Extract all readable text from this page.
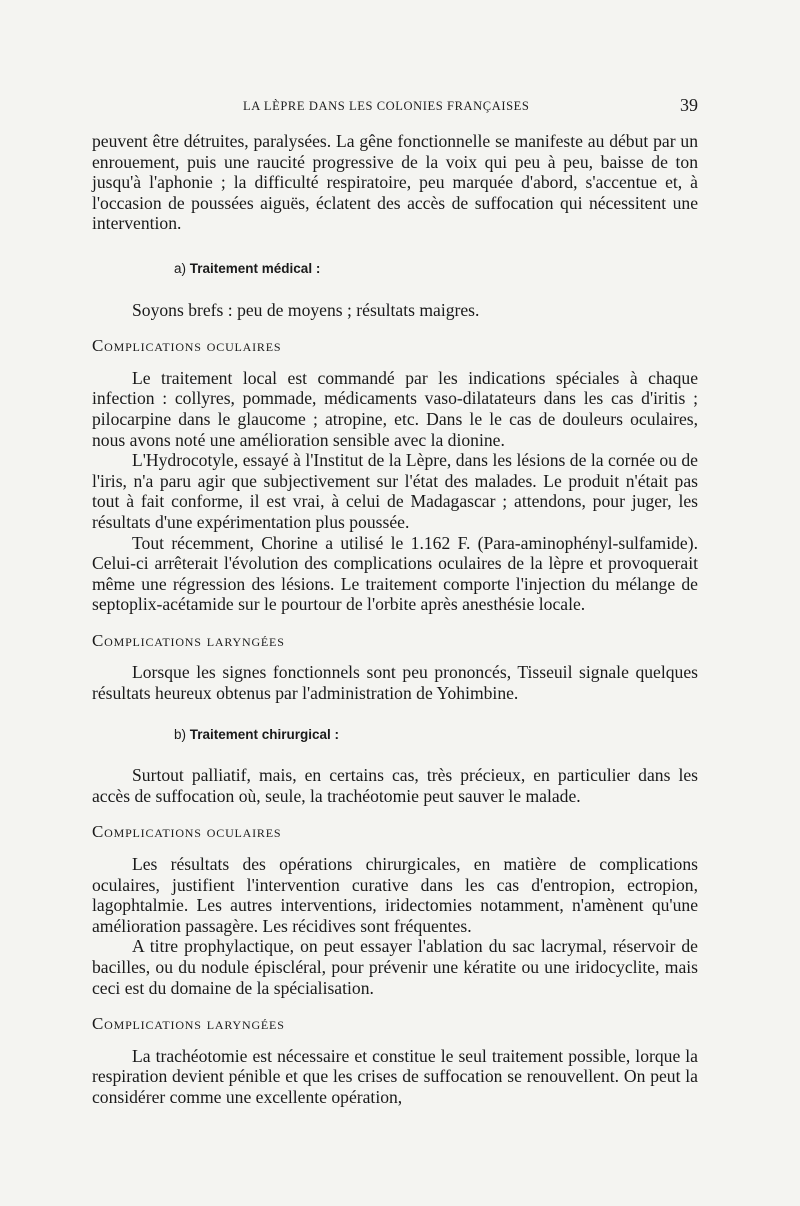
LA LÈPRE DANS LES COLONIES FRANÇAISES	39

peuvent être détruites, paralysées. La gêne fonctionnelle se manifeste au début par un enrouement, puis une raucité progressive de la voix qui peu à peu, baisse de ton jusqu'à l'aphonie ; la difficulté respiratoire, peu marquée d'abord, s'accentue et, à l'occasion de poussées aiguës, éclatent des accès de suffocation qui nécessitent une intervention.

a) Traitement médical :

Soyons brefs : peu de moyens ; résultats maigres.

Complications oculaires

Le traitement local est commandé par les indications spéciales à chaque infection : collyres, pommade, médicaments vaso-dilatateurs dans les cas d'iritis ; pilocarpine dans le glaucome ; atropine, etc. Dans le le cas de douleurs oculaires, nous avons noté une amélioration sensible avec la dionine.

L'Hydrocotyle, essayé à l'Institut de la Lèpre, dans les lésions de la cornée ou de l'iris, n'a paru agir que subjectivement sur l'état des malades. Le produit n'était pas tout à fait conforme, il est vrai, à celui de Madagascar ; attendons, pour juger, les résultats d'une expérimentation plus poussée.

Tout récemment, Chorine a utilisé le 1.162 F. (Para-aminophényl-sulfamide). Celui-ci arrêterait l'évolution des complications oculaires de la lèpre et provoquerait même une régression des lésions. Le traitement comporte l'injection du mélange de septoplix-acétamide sur le pourtour de l'orbite après anesthésie locale.

Complications laryngées

Lorsque les signes fonctionnels sont peu prononcés, Tisseuil signale quelques résultats heureux obtenus par l'administration de Yohimbine.

b) Traitement chirurgical :

Surtout palliatif, mais, en certains cas, très précieux, en particulier dans les accès de suffocation où, seule, la trachéotomie peut sauver le malade.

Complications oculaires

Les résultats des opérations chirurgicales, en matière de complications oculaires, justifient l'intervention curative dans les cas d'entropion, ectropion, lagophtalmie. Les autres interventions, iridectomies notamment, n'amènent qu'une amélioration passagère. Les récidives sont fréquentes.

A titre prophylactique, on peut essayer l'ablation du sac lacrymal, réservoir de bacilles, ou du nodule épiscléral, pour prévenir une kératite ou une iridocyclite, mais ceci est du domaine de la spécialisation.

Complications laryngées

La trachéotomie est nécessaire et constitue le seul traitement possible, lorque la respiration devient pénible et que les crises de suffocation se renouvellent. On peut la considérer comme une excellente opération,
